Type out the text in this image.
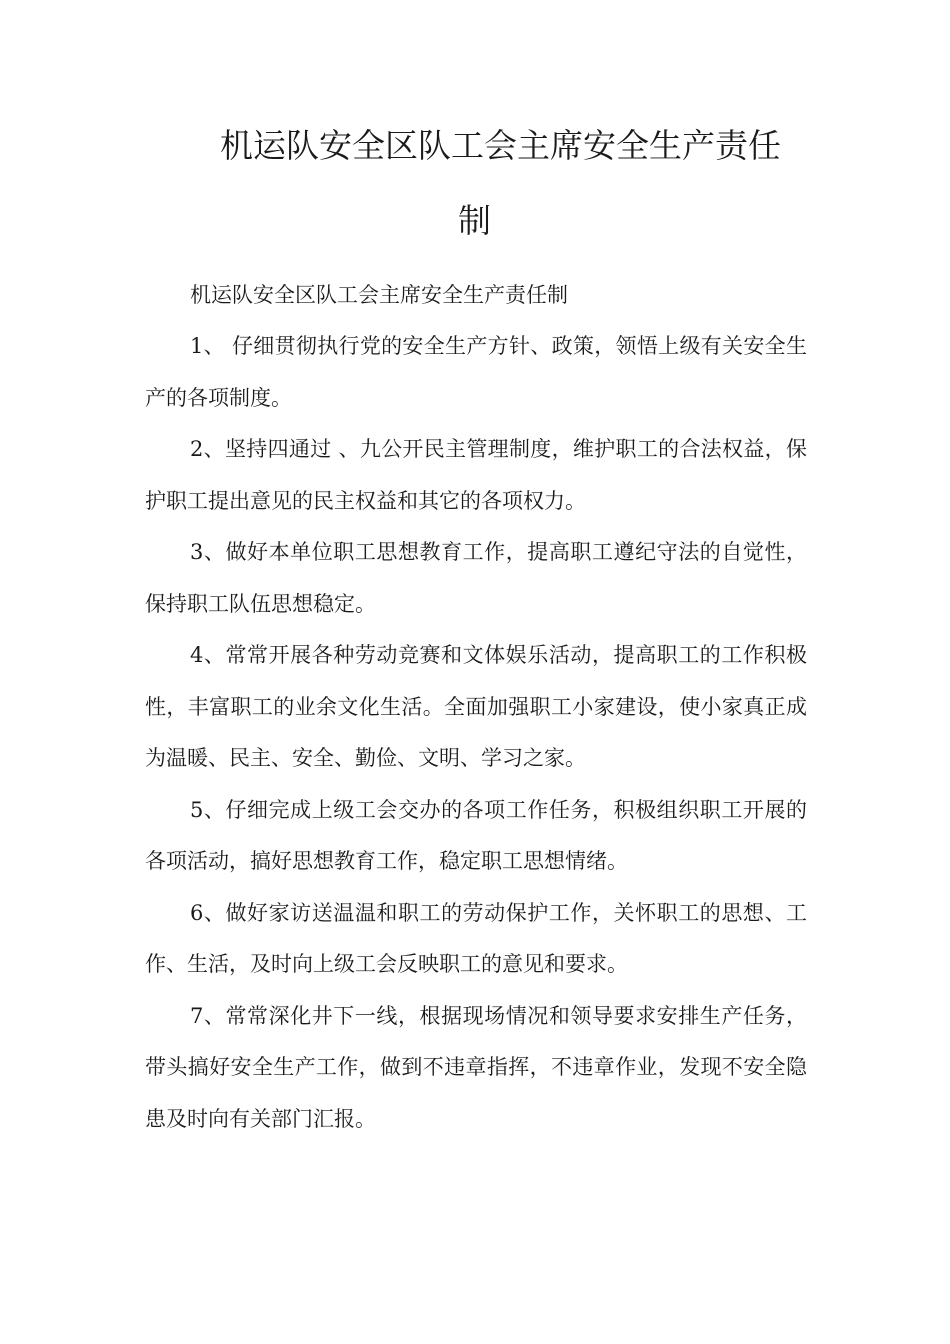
机运队安全区队工会主席安全生产责任
制
机运队安全区队工会主席安全生产责任制

1、 仔细贯彻执行党的安全生产方针、政策，领悟上级有关安全生产的各项制度。

2、坚持四通过 、九公开民主管理制度，维护职工的合法权益，保护职工提出意见的民主权益和其它的各项权力。

3、做好本单位职工思想教育工作，提高职工遵纪守法的自觉性，保持职工队伍思想稳定。

4、常常开展各种劳动竞赛和文体娱乐活动，提高职工的工作积极性，丰富职工的业余文化生活。全面加强职工小家建设，使小家真正成为温暖、民主、安全、勤俭、文明、学习之家。

5、仔细完成上级工会交办的各项工作任务，积极组织职工开展的各项活动，搞好思想教育工作，稳定职工思想情绪。

6、做好家访送温温和职工的劳动保护工作，关怀职工的思想、工作、生活，及时向上级工会反映职工的意见和要求。

7、常常深化井下一线，根据现场情况和领导要求安排生产任务，带头搞好安全生产工作，做到不违章指挥，不违章作业，发现不安全隐患及时向有关部门汇报。
